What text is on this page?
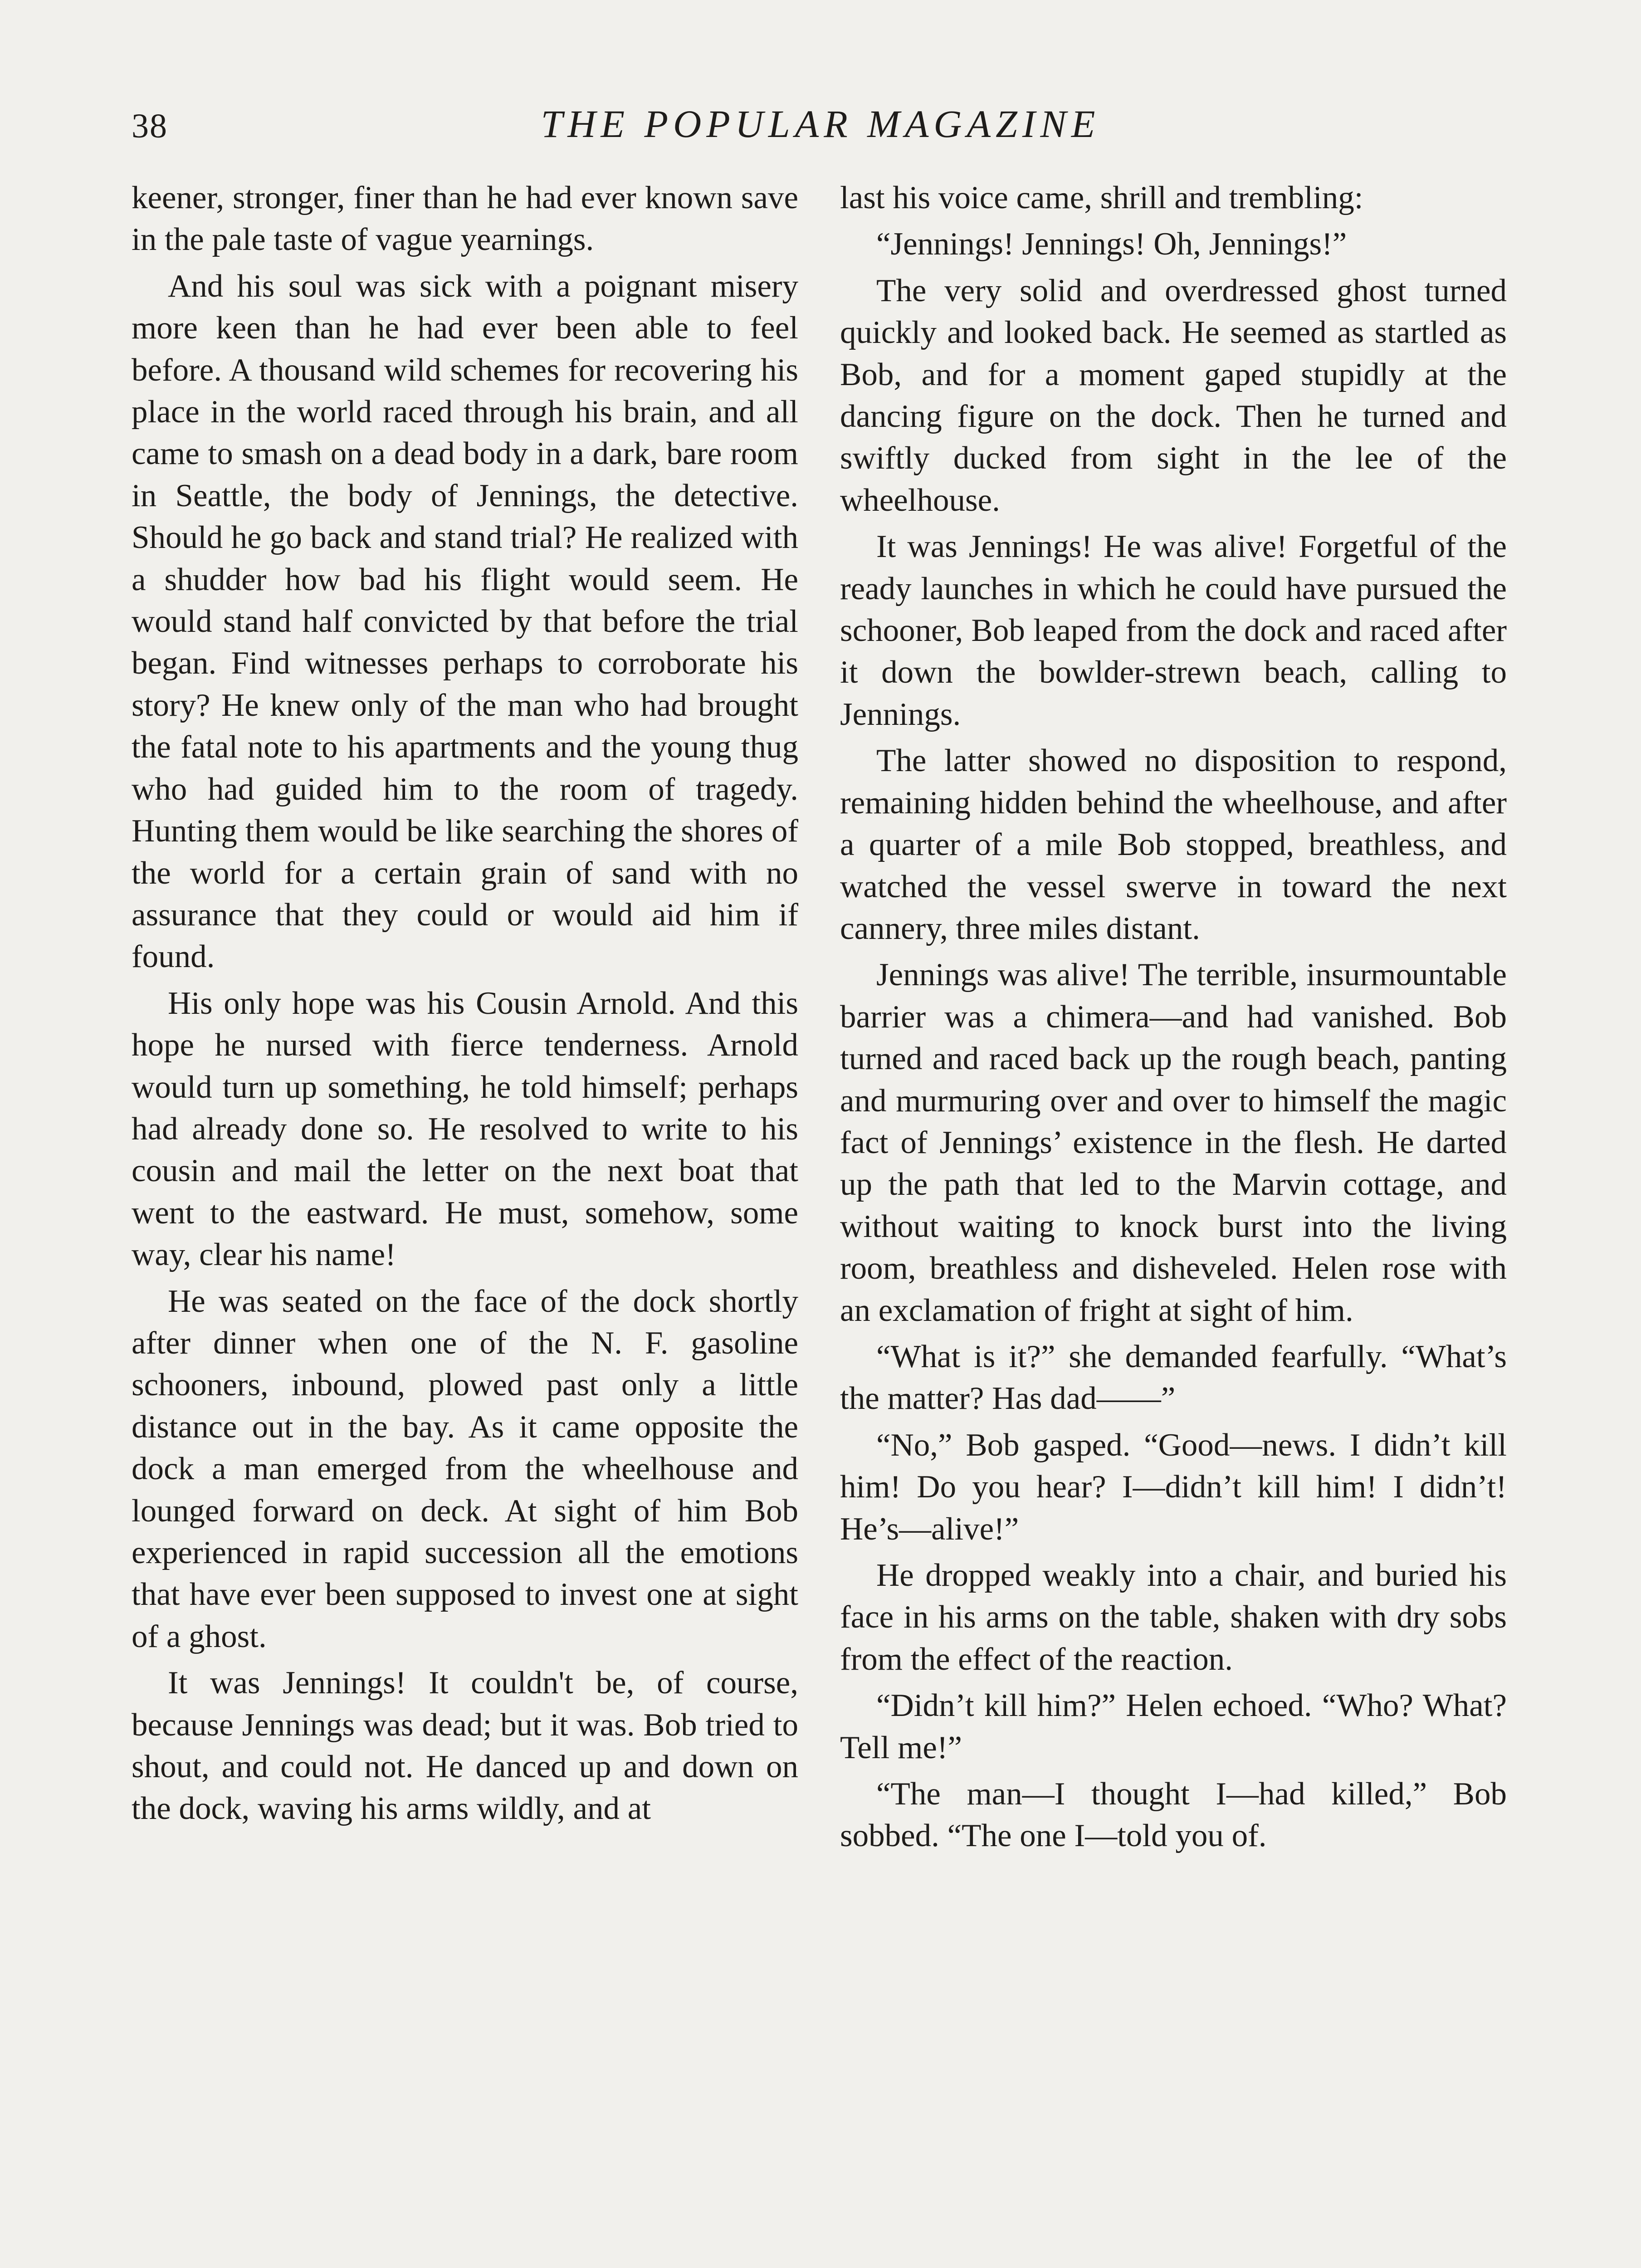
38	THE POPULAR MAGAZINE

keener, stronger, finer than he had ever known save in the pale taste of vague yearnings.

And his soul was sick with a poignant misery more keen than he had ever been able to feel before. A thousand wild schemes for recovering his place in the world raced through his brain, and all came to smash on a dead body in a dark, bare room in Seattle, the body of Jennings, the detective. Should he go back and stand trial? He realized with a shudder how bad his flight would seem. He would stand half convicted by that before the trial began. Find witnesses perhaps to corroborate his story? He knew only of the man who had brought the fatal note to his apartments and the young thug who had guided him to the room of tragedy. Hunting them would be like searching the shores of the world for a certain grain of sand with no assurance that they could or would aid him if found.

His only hope was his Cousin Arnold. And this hope he nursed with fierce tenderness. Arnold would turn up something, he told himself; perhaps had already done so. He resolved to write to his cousin and mail the letter on the next boat that went to the eastward. He must, somehow, some way, clear his name!

He was seated on the face of the dock shortly after dinner when one of the N. F. gasoline schooners, inbound, plowed past only a little distance out in the bay. As it came opposite the dock a man emerged from the wheelhouse and lounged forward on deck. At sight of him Bob experienced in rapid succession all the emotions that have ever been supposed to invest one at sight of a ghost.

It was Jennings! It couldn't be, of course, because Jennings was dead; but it was. Bob tried to shout, and could not. He danced up and down on the dock, waving his arms wildly, and at

last his voice came, shrill and trembling:

“Jennings! Jennings! Oh, Jennings!”

The very solid and overdressed ghost turned quickly and looked back. He seemed as startled as Bob, and for a moment gaped stupidly at the dancing figure on the dock. Then he turned and swiftly ducked from sight in the lee of the wheelhouse.

It was Jennings! He was alive! Forgetful of the ready launches in which he could have pursued the schooner, Bob leaped from the dock and raced after it down the bowlder-strewn beach, calling to Jennings.

The latter showed no disposition to respond, remaining hidden behind the wheelhouse, and after a quarter of a mile Bob stopped, breathless, and watched the vessel swerve in toward the next cannery, three miles distant.

Jennings was alive! The terrible, insurmountable barrier was a chimera—and had vanished. Bob turned and raced back up the rough beach, panting and murmuring over and over to himself the magic fact of Jennings’ existence in the flesh. He darted up the path that led to the Marvin cottage, and without waiting to knock burst into the living room, breathless and disheveled. Helen rose with an exclamation of fright at sight of him.

“What is it?” she demanded fearfully. “What’s the matter? Has dad——”

“No,” Bob gasped. “Good—news. I didn’t kill him! Do you hear? I—didn’t kill him! I didn’t! He’s—alive!”

He dropped weakly into a chair, and buried his face in his arms on the table, shaken with dry sobs from the effect of the reaction.

“Didn’t kill him?” Helen echoed. “Who? What? Tell me!”

“The man—I thought I—had killed,” Bob sobbed. “The one I—told you of.
